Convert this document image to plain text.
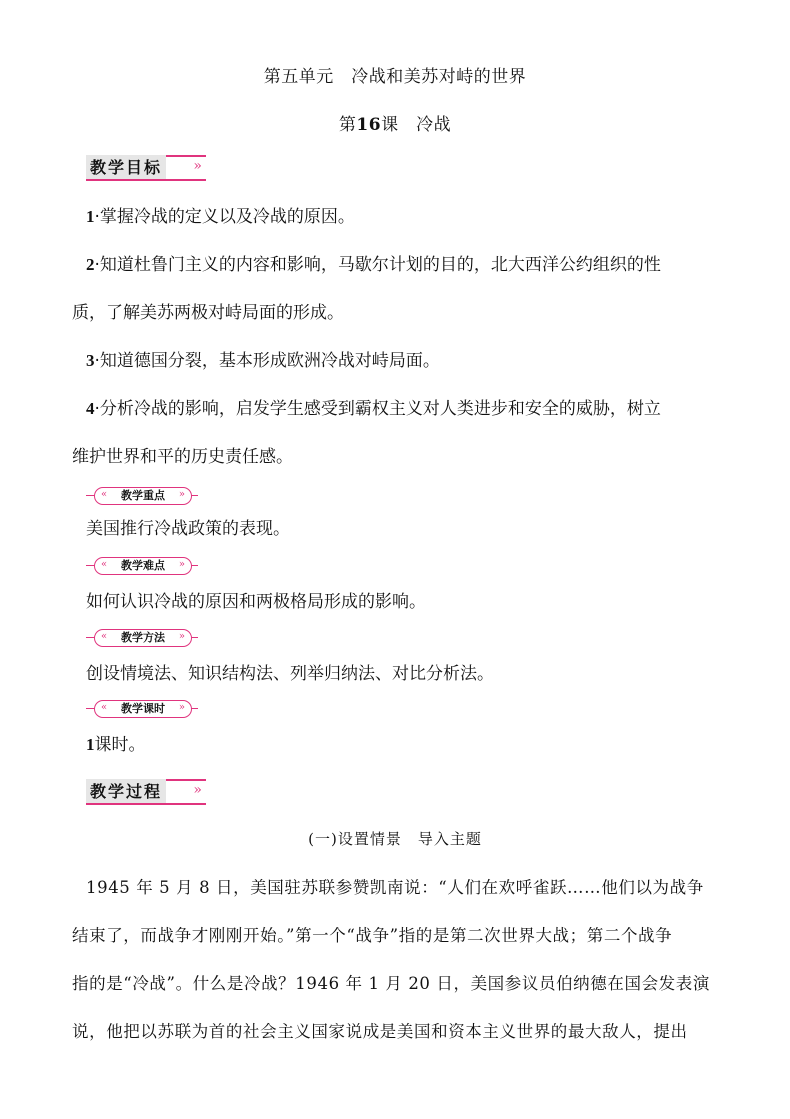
第五单元　冷战和美苏对峙的世界
第16课　冷战
教学目标 »
1·掌握冷战的定义以及冷战的原因。
2·知道杜鲁门主义的内容和影响，马歇尔计划的目的，北大西洋公约组织的性
质，了解美苏两极对峙局面的形成。
3·知道德国分裂，基本形成欧洲冷战对峙局面。
4·分析冷战的影响，启发学生感受到霸权主义对人类进步和安全的威胁，树立
维护世界和平的历史责任感。
«	教学重点	»
美国推行冷战政策的表现。
«	教学难点	»
如何认识冷战的原因和两极格局形成的影响。
«	教学方法	»
创设情境法、知识结构法、列举归纳法、对比分析法。
«	教学课时	»
1课时。
教学过程 »
(一)设置情景　导入主题
1945 年 5 月 8 日，美国驻苏联参赞凯南说：“人们在欢呼雀跃……他们以为战争
结束了，而战争才刚刚开始。”第一个“战争”指的是第二次世界大战；第二个战争
指的是“冷战”。什么是冷战？1946 年 1 月 20 日，美国参议员伯纳德在国会发表演
说，他把以苏联为首的社会主义国家说成是美国和资本主义世界的最大敌人，提出
